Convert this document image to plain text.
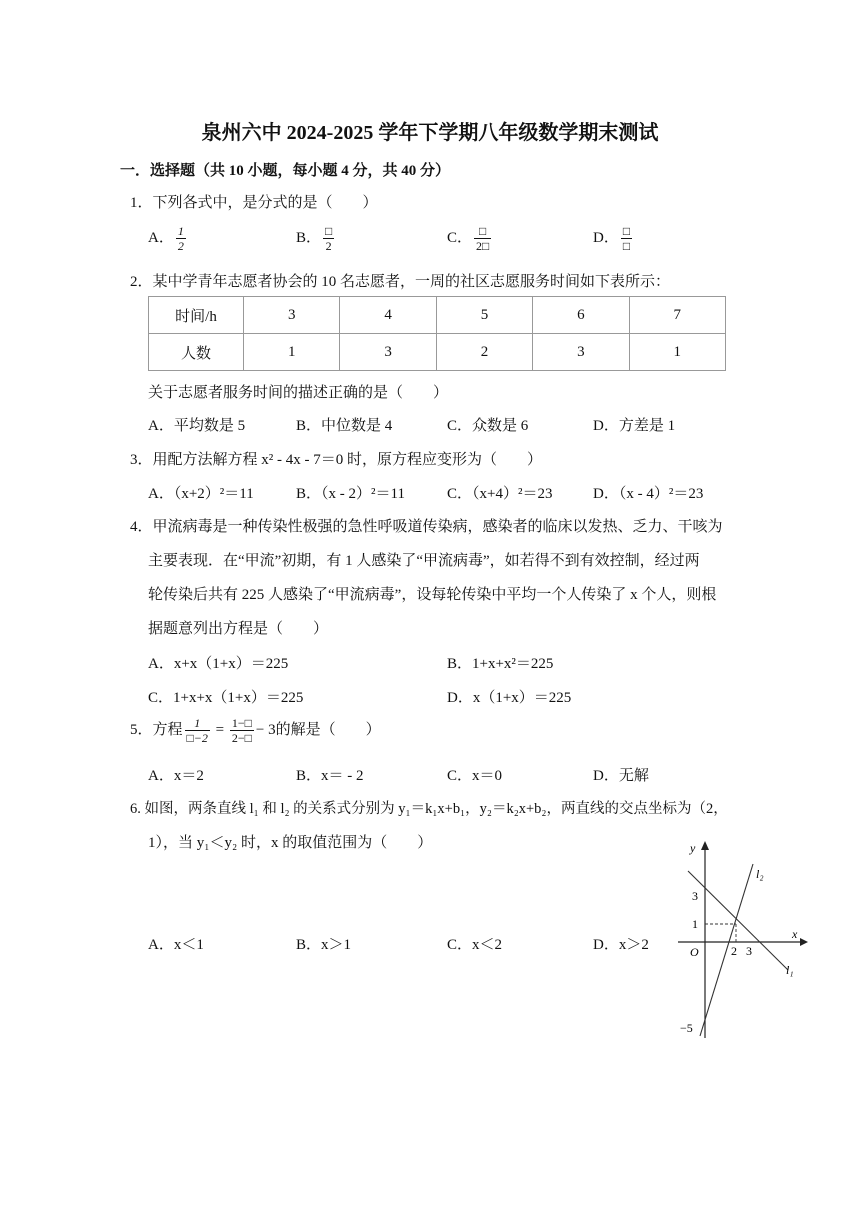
泉州六中 2024-2025 学年下学期八年级数学期末测试
一．选择题（共 10 小题，每小题 4 分，共 40 分）
1．下列各式中，是分式的是（　　）
A． $\frac{1}{2}$	B． $\frac{□}{2}$	C． $\frac{□}{2□}$	D． $\frac{□}{□}$
2．某中学青年志愿者协会的 10 名志愿者，一周的社区志愿服务时间如下表所示：
时间/h	3	4	5	6	7
人数	1	3	2	3	1
关于志愿者服务时间的描述正确的是（　　）
A．平均数是 5	B．中位数是 4	C．众数是 6	D．方差是 1
3．用配方法解方程 x² - 4x - 7＝0 时，原方程应变形为（　　）
A．（x+2）²＝11	B．（x - 2）²＝11	C．（x+4）²＝23	D．（x - 4）²＝23
4．甲流病毒是一种传染性极强的急性呼吸道传染病，感染者的临床以发热、乏力、干咳为
主要表现．在“甲流”初期，有 1 人感染了“甲流病毒”，如若得不到有效控制，经过两
轮传染后共有 225 人感染了“甲流病毒”，设每轮传染中平均一个人传染了 x 个人，则根
据题意列出方程是（　　）
A．x+x（1+x）＝225	B．1+x+x²＝225
C．1+x+x（1+x）＝225	D．x（1+x）＝225
5．方程 $\frac{1}{□-2} = \frac{1-□}{2-□} - 3$的解是（　　）
A．x＝2	B．x＝ - 2	C．x＝0	D．无解
6. 如图，两条直线 l₁ 和 l₂ 的关系式分别为 y₁＝k₁x+b₁，y₂＝k₂x+b₂，两直线的交点坐标为（2，
1），当 y₁＜y₂ 时，x 的取值范围为（　　）
A．x＜1	B．x＞1	C．x＜2	D．x＞2
y
x
O
l₂
l₁
3
1
−5
2 3
